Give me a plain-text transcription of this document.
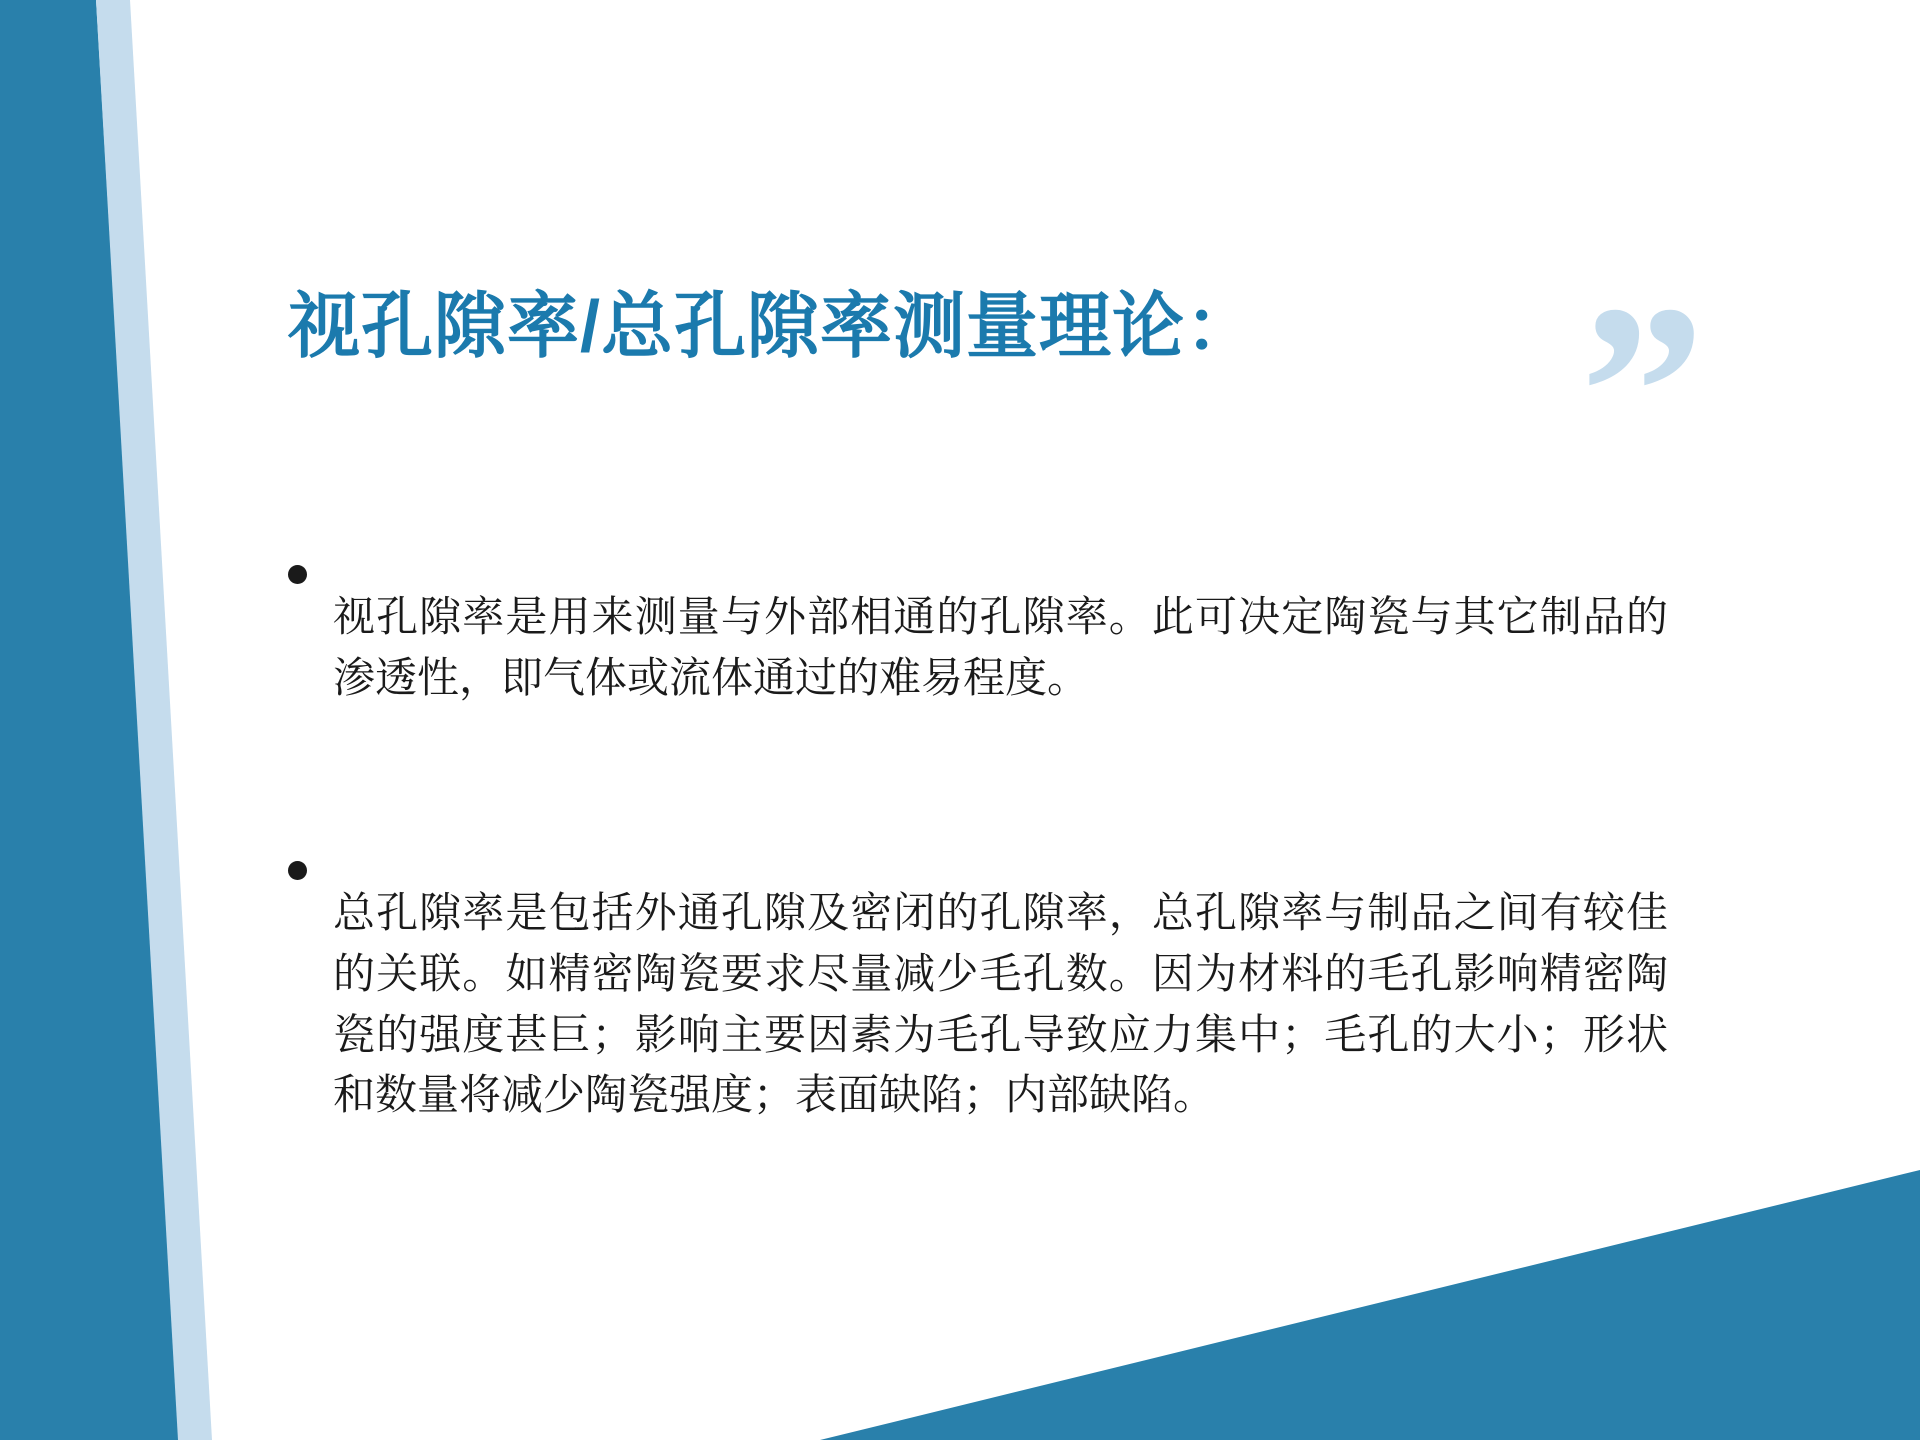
”
视孔隙率/总孔隙率测量理论：

视孔隙率是用来测量与外部相通的孔隙率。此可决定陶瓷与其它制品的渗透性，即气体或流体通过的难易程度。

总孔隙率是包括外通孔隙及密闭的孔隙率，总孔隙率与制品之间有较佳的关联。如精密陶瓷要求尽量减少毛孔数。因为材料的毛孔影响精密陶瓷的强度甚巨；影响主要因素为毛孔导致应力集中；毛孔的大小；形状和数量将减少陶瓷强度；表面缺陷；内部缺陷。
